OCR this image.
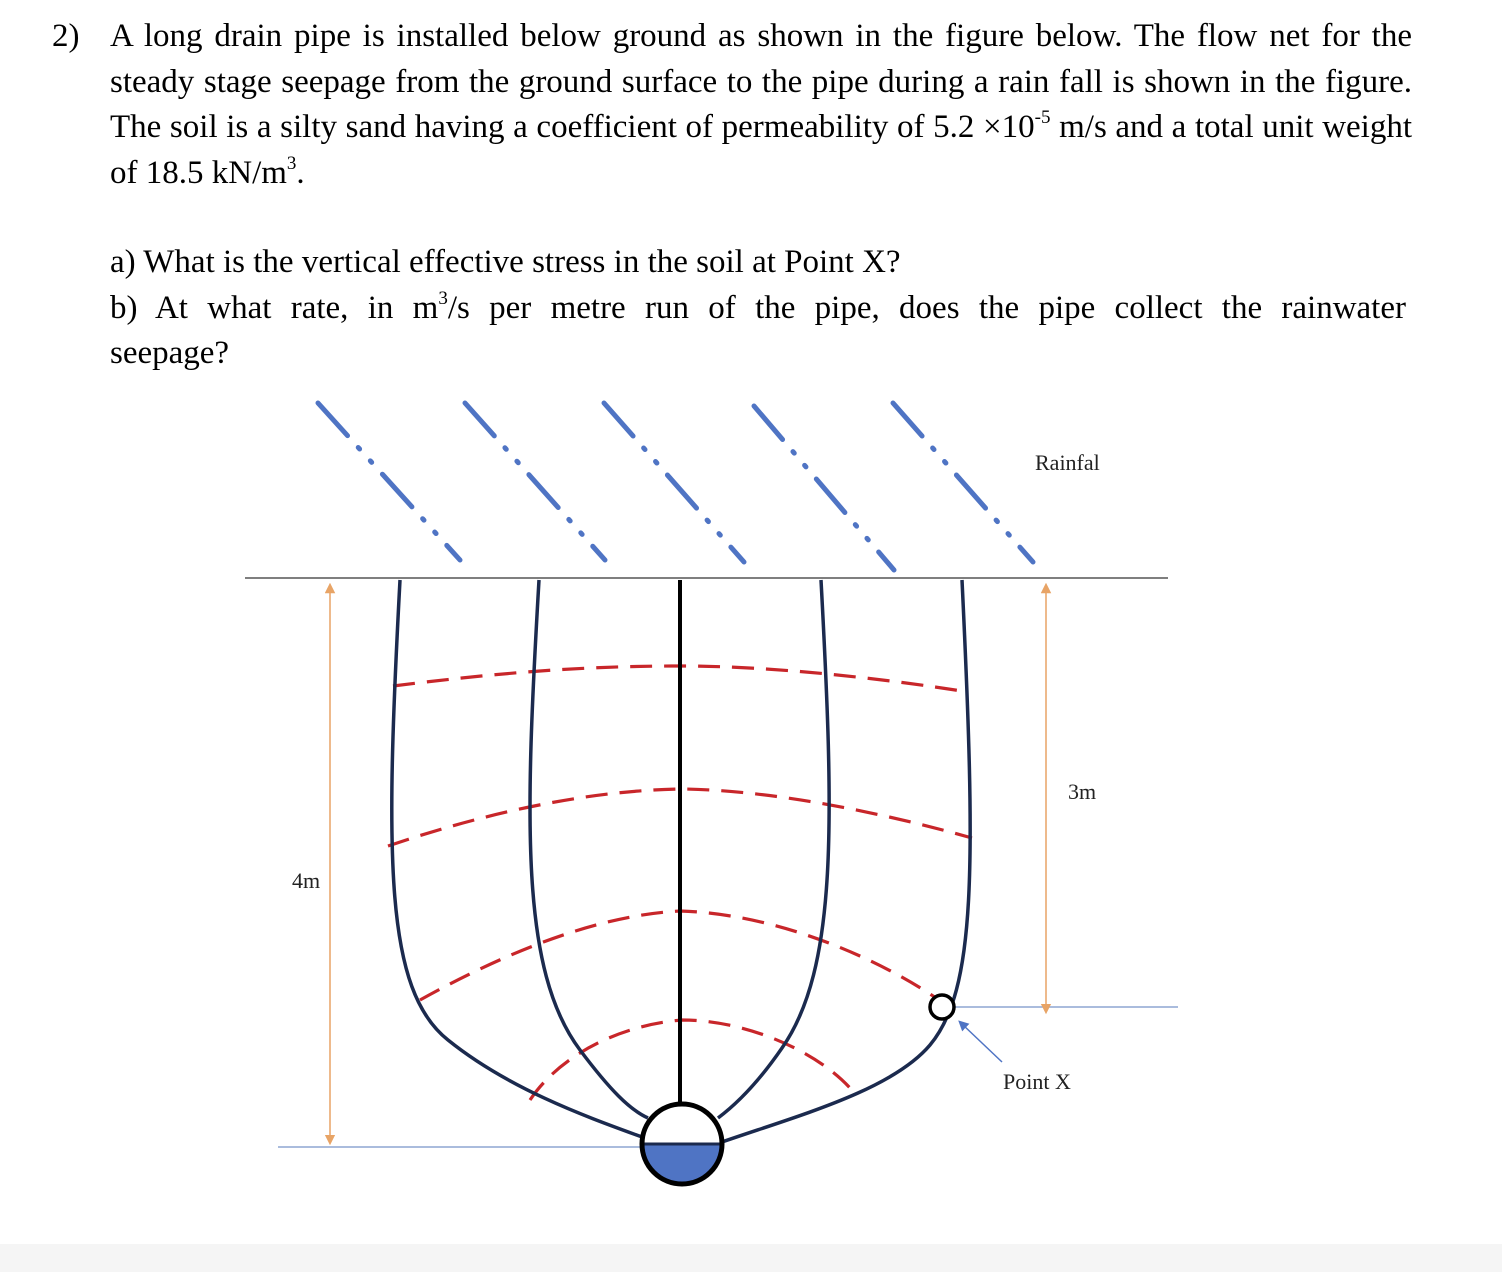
2) A long drain pipe is installed below ground as shown in the figure below. The flow net for the steady stage seepage from the ground surface to the pipe during a rain fall is shown in the figure. The soil is a silty sand having a coefficient of permeability of $5.2 \times 10^{-5}$ m/s and a total unit weight of 18.5 $kN/m^3$.
a) What is the vertical effective stress in the soil at Point X?
b) At what rate, in $m^3/s$ per metre run of the pipe, does the pipe collect the rainwater
seepage?
Rainfal
4m
3m
Point X
